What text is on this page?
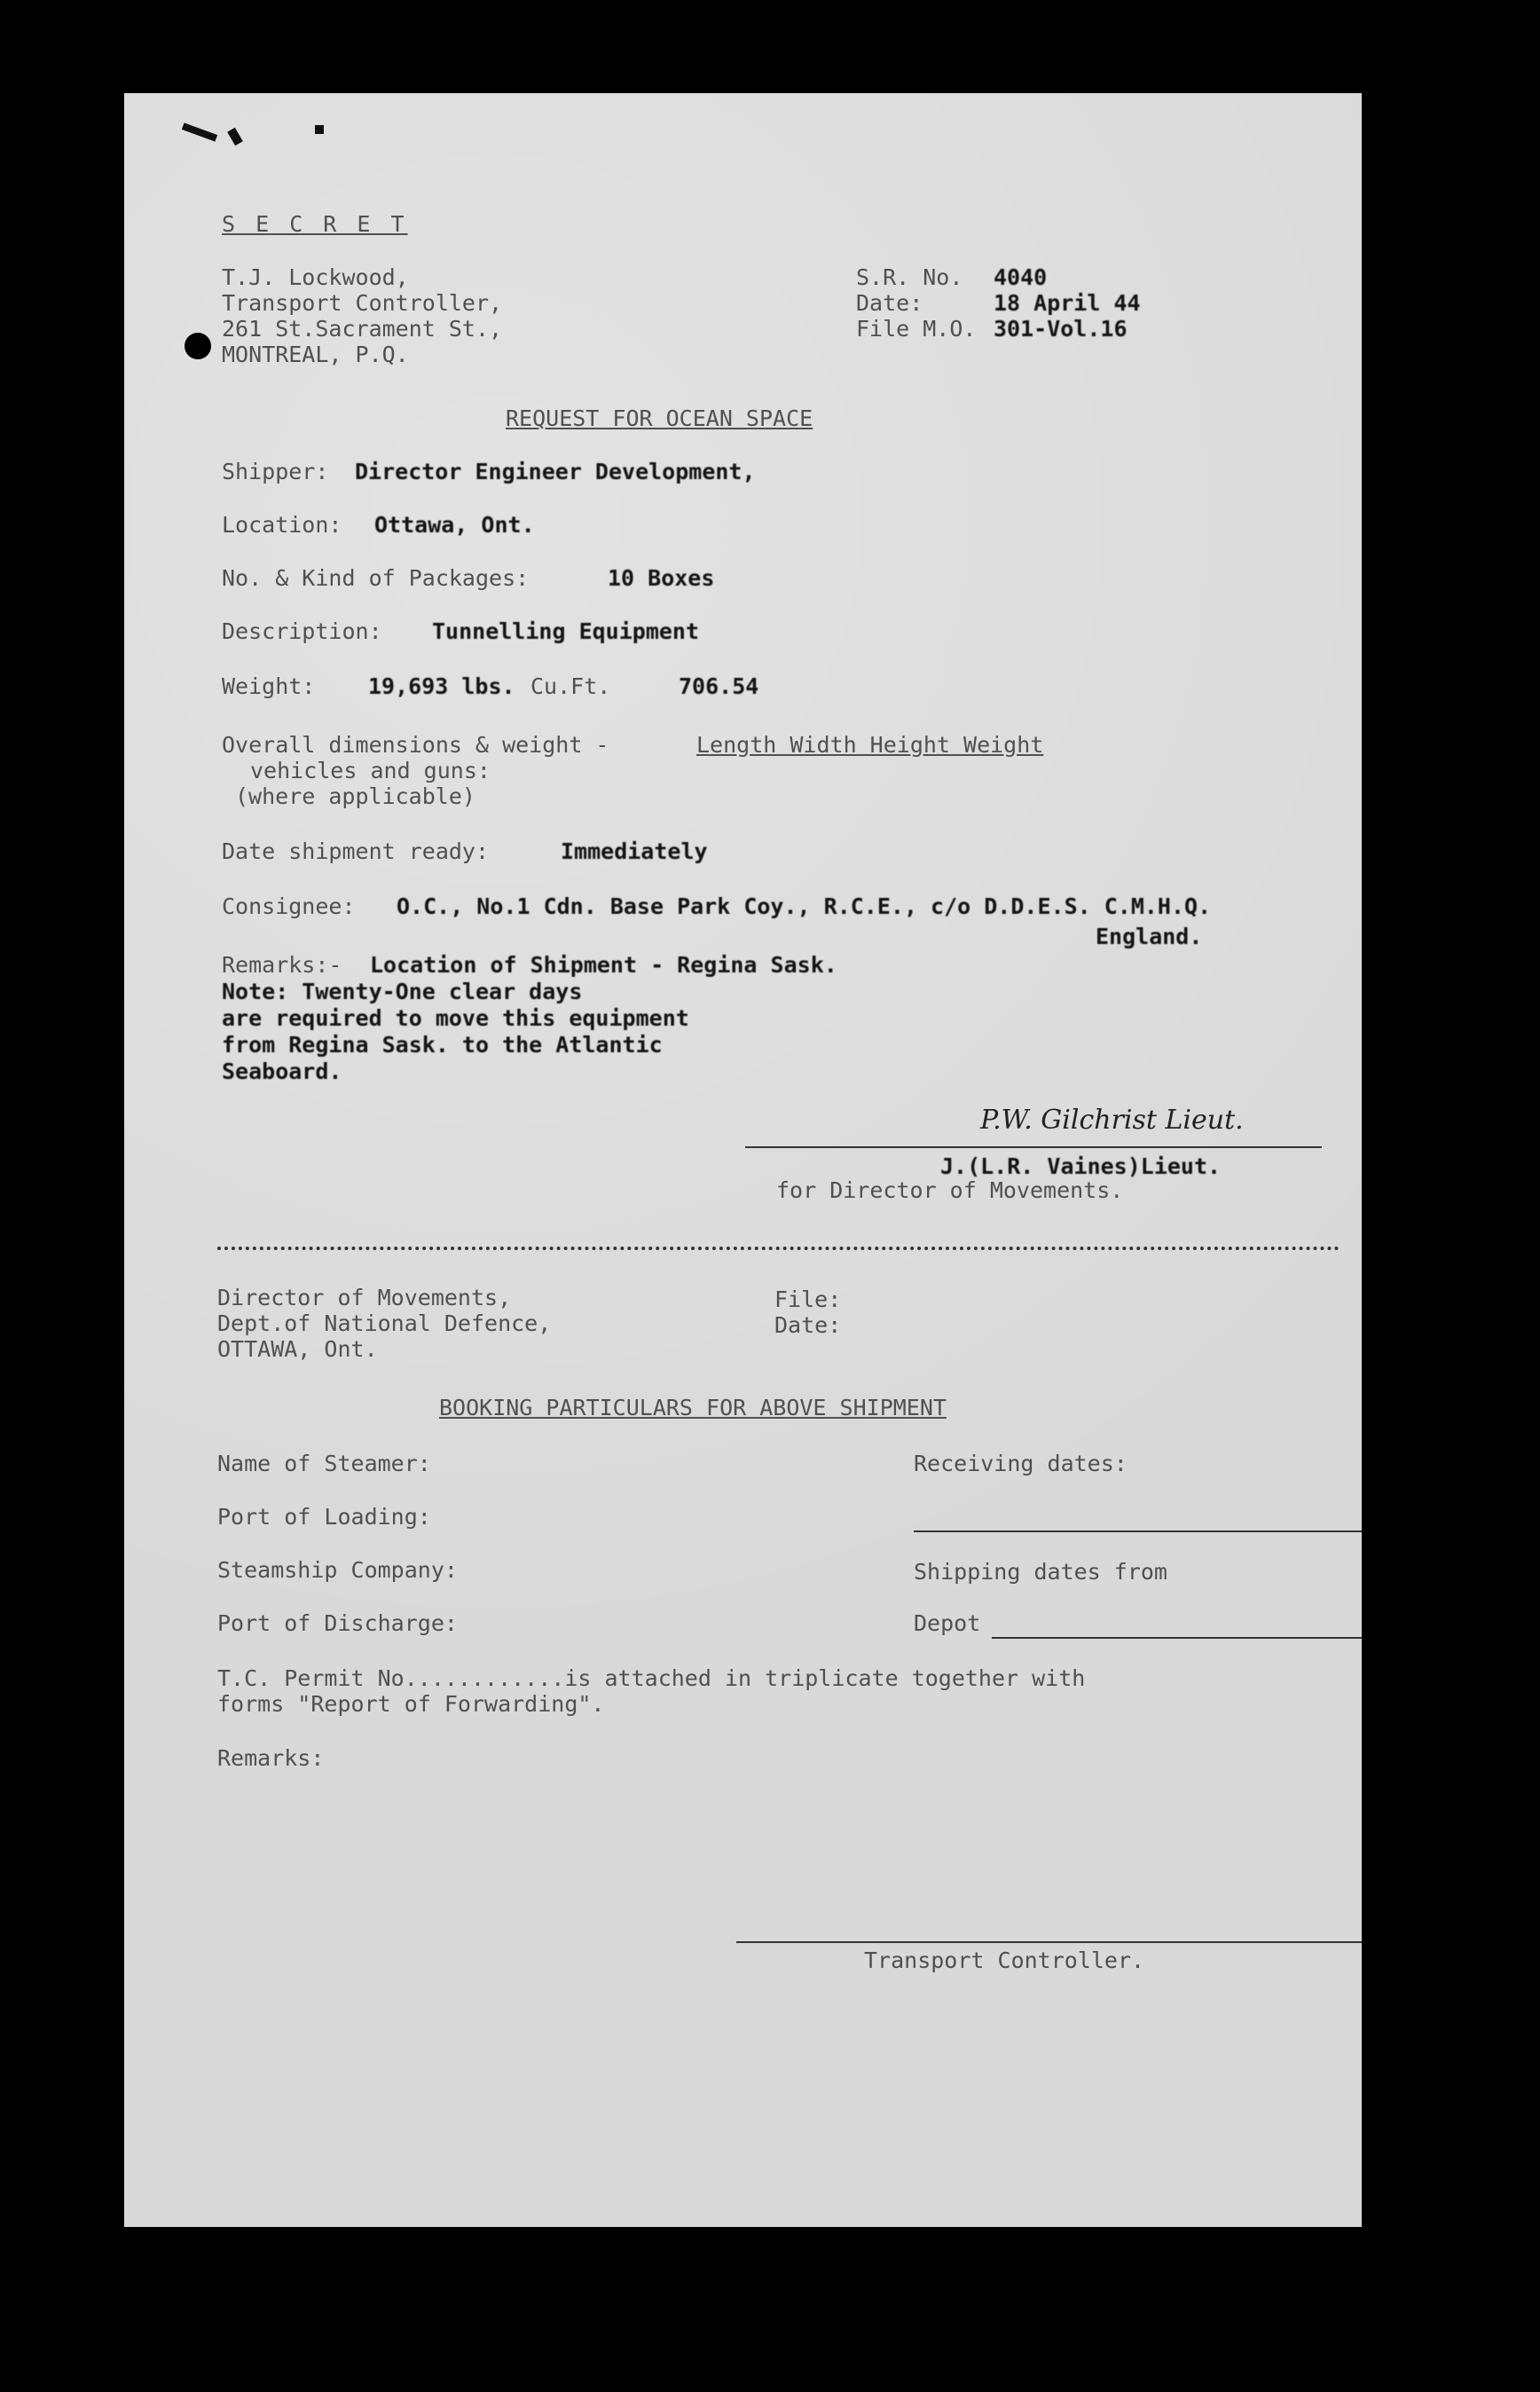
S E C R E T
T.J. Lockwood,
Transport Controller,
261 St.Sacrament St.,
MONTREAL, P.Q.
S.R. No. 4040
Date:	18 April 44
File M.O. 301-Vol.16
REQUEST FOR OCEAN SPACE
Shipper: Director Engineer Development,
Location: Ottawa, Ont.
No. & Kind of Packages:	10 Boxes
Description: Tunnelling Equipment
Weight: 19,693 lbs. Cu.Ft.	706.54
Overall dimensions & weight -	Length Width Height Weight
vehicles and guns:
(where applicable)
Date shipment ready:	Immediately
Consignee: O.C., No.1 Cdn. Base Park Coy., R.C.E., c/o D.D.E.S. C.M.H.Q.
England.
Remarks:- Location of Shipment - Regina Sask.
Note: Twenty-One clear days
are required to move this equipment
from Regina Sask. to the Atlantic
Seaboard.
P.W. Gilchrist Lieut.
J.(L.R. Vaines)Lieut.
for Director of Movements.
Director of Movements,
Dept.of National Defence,
OTTAWA, Ont.
File:
Date:
BOOKING PARTICULARS FOR ABOVE SHIPMENT
Name of Steamer:	Receiving dates:
Port of Loading:
Steamship Company:	Shipping dates from
Port of Discharge:	Depot
T.C. Permit No............is attached in triplicate together with
forms "Report of Forwarding".
Remarks:
Transport Controller.
